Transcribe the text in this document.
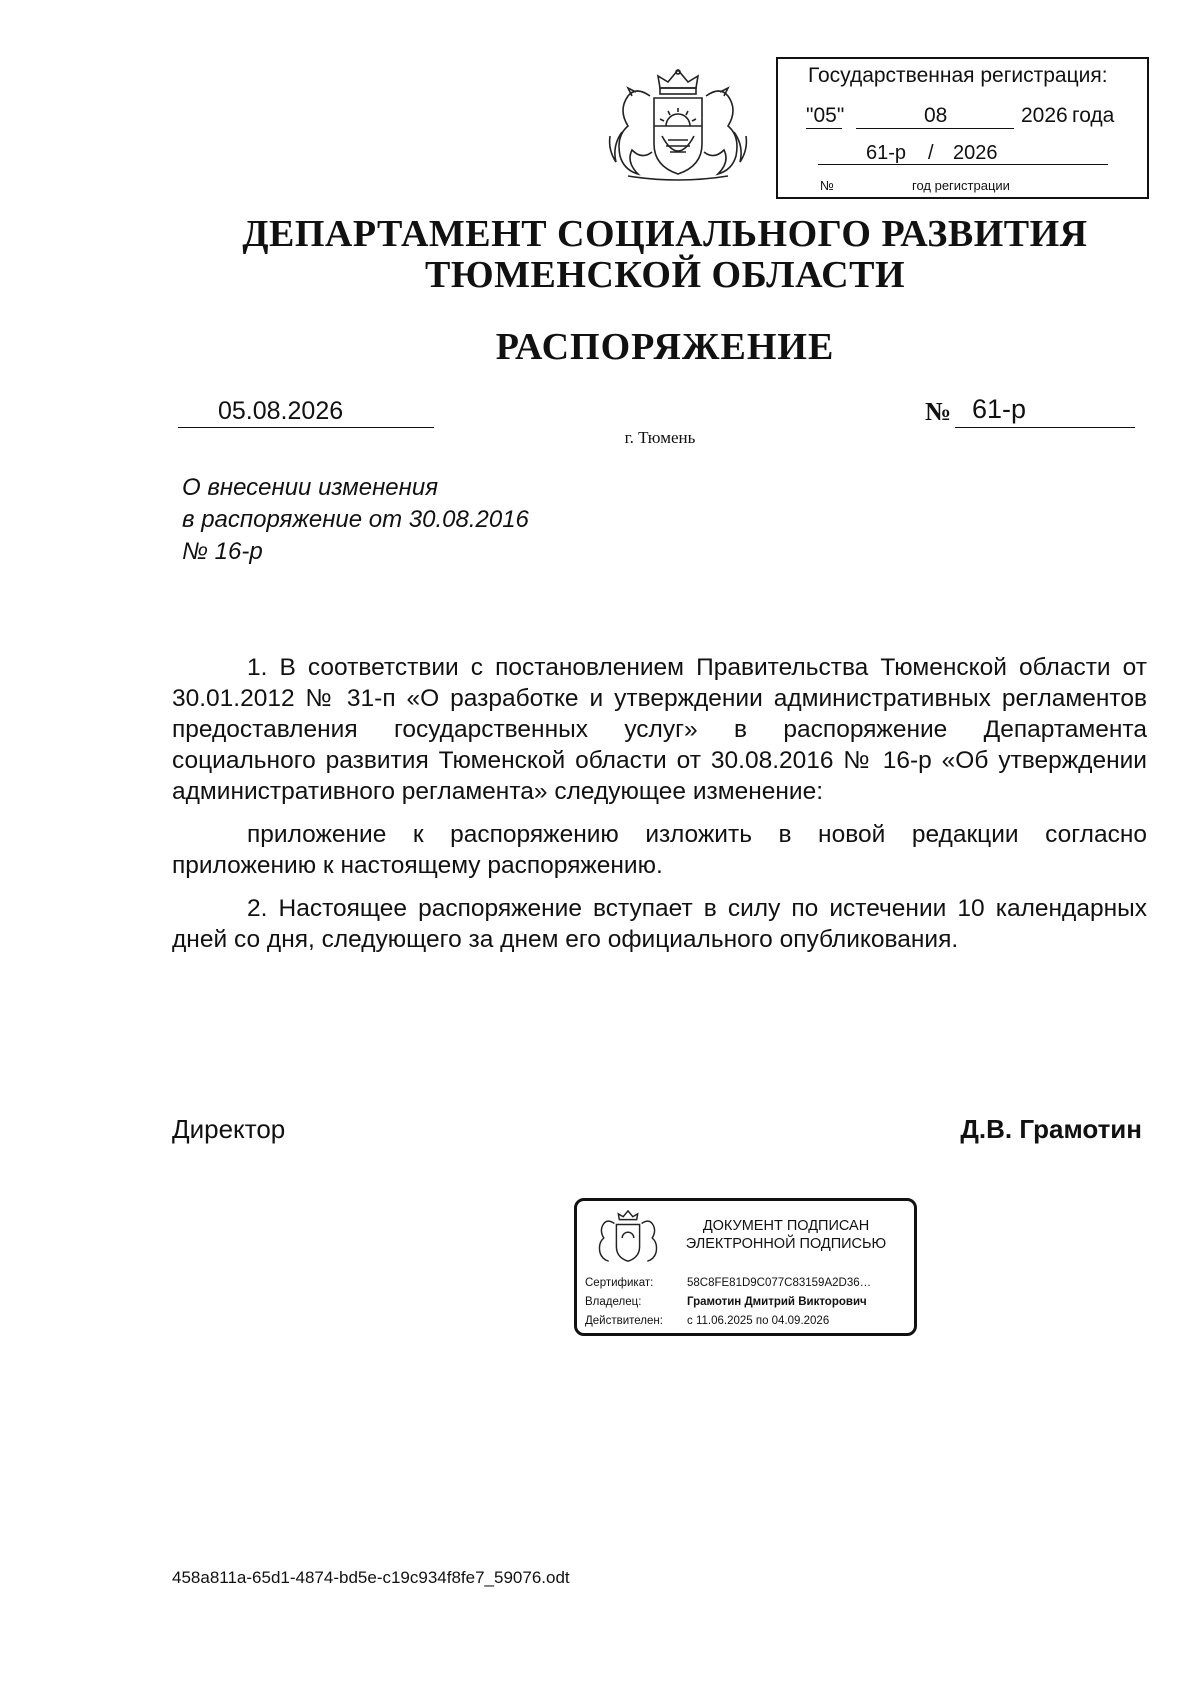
Государственная регистрация:
"05"	08	2026 года
61-р / 2026
№	год регистрации
ДЕПАРТАМЕНТ СОЦИАЛЬНОГО РАЗВИТИЯ
ТЮМЕНСКОЙ ОБЛАСТИ
РАСПОРЯЖЕНИЕ
05.08.2026	№ 61-р
г. Тюмень
О внесении изменения
в распоряжение от 30.08.2016
№ 16-р

1. В соответствии с постановлением Правительства Тюменской области от 30.01.2012 № 31-п «О разработке и утверждении административных регламентов предоставления государственных услуг» в распоряжение Департамента социального развития Тюменской области от 30.08.2016 № 16-р «Об утверждении административного регламента» следующее изменение:

приложение к распоряжению изложить в новой редакции согласно приложению к настоящему распоряжению.

2. Настоящее распоряжение вступает в силу по истечении 10 календарных дней со дня, следующего за днем его официального опубликования.

Директор	Д.В. Грамотин
ДОКУМЕНТ ПОДПИСАН
ЭЛЕКТРОННОЙ ПОДПИСЬЮ
Сертификат:	58C8FE81D9C077C83159A2D36…
Владелец:	Грамотин Дмитрий Викторович
Действителен: с 11.06.2025 по 04.09.2026
458a811a-65d1-4874-bd5e-c19c934f8fe7_59076.odt
